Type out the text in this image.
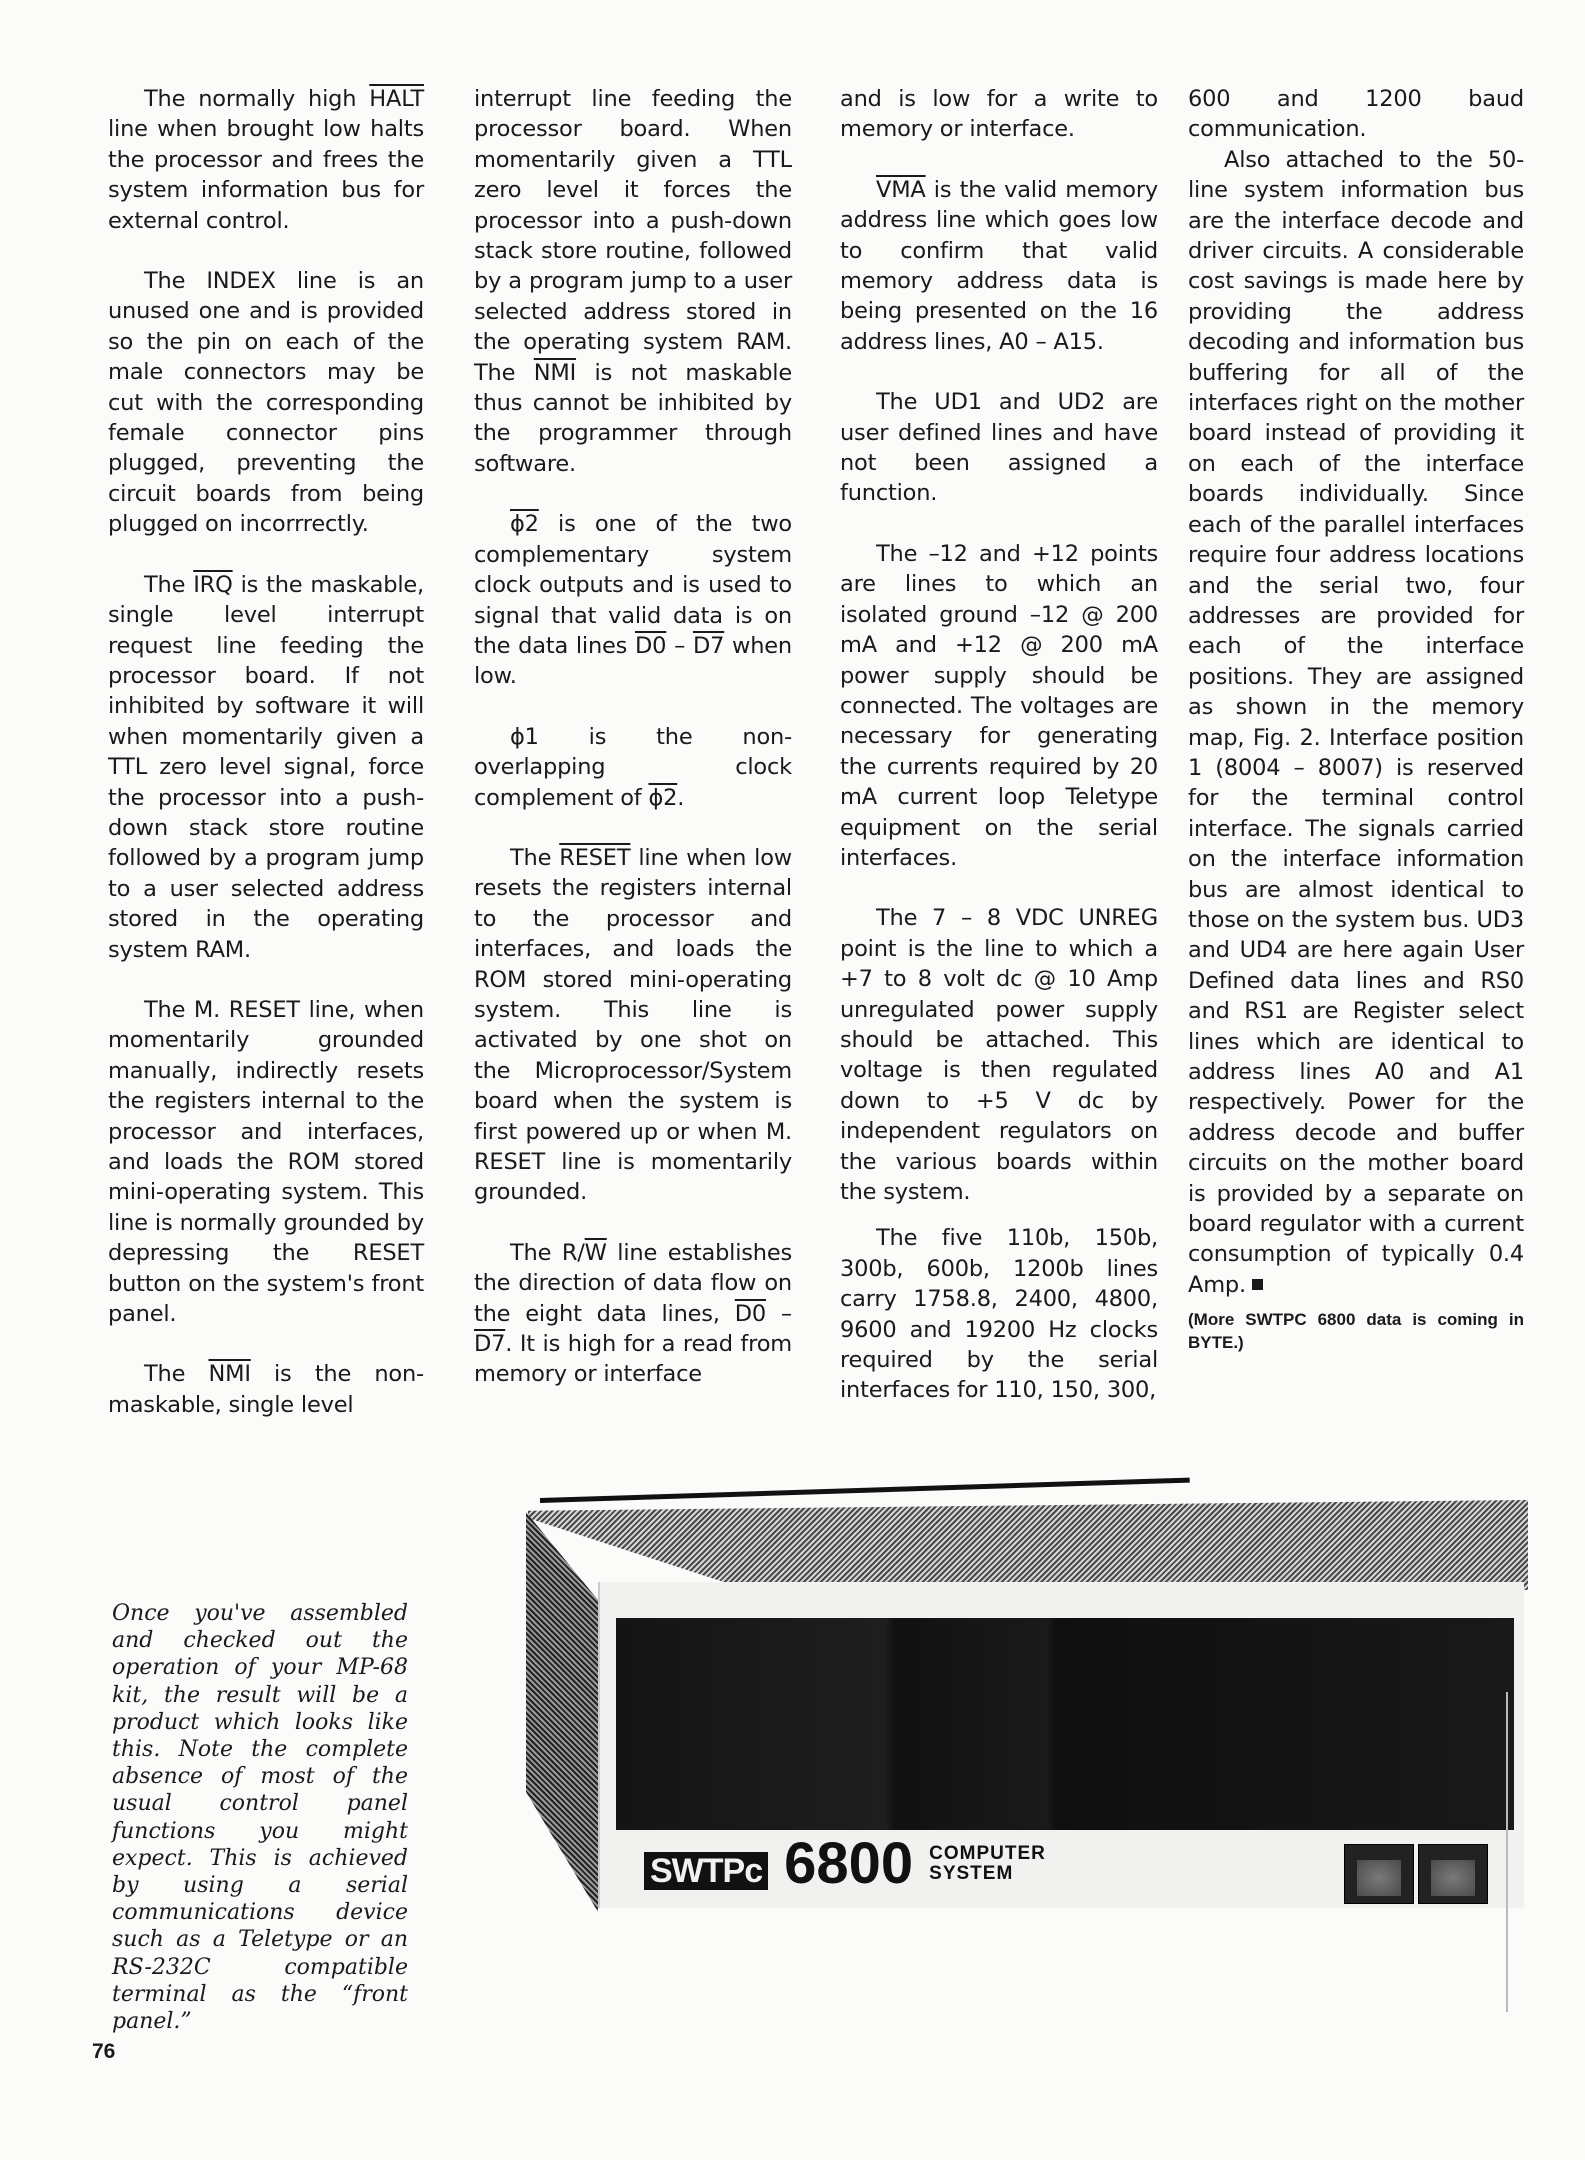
The normally high HALT line when brought low halts the processor and frees the system information bus for external control.

The INDEX line is an unused one and is provided so the pin on each of the male connectors may be cut with the corresponding female connector pins plugged, preventing the circuit boards from being plugged on incorrrectly.

The $\overline{IRQ}$ is the maskable, single level interrupt request line feeding the processor board. If not inhibited by software it will when momentarily given a TTL zero level signal, force the processor into a push-down stack store routine followed by a program jump to a user selected address stored in the operating system RAM.

The M. RESET line, when momentarily grounded manually, indirectly resets the registers internal to the processor and interfaces, and loads the ROM stored mini-operating system. This line is normally grounded by depressing the RESET button on the system's front panel.

The $\overline{NMI}$ is the non-maskable, single level

interrupt line feeding the processor board. When momentarily given a TTL zero level it forces the processor into a push-down stack store routine, followed by a program jump to a user selected address stored in the operating system RAM. The $\overline{NMI}$ is not maskable thus cannot be inhibited by the programmer through software.

ϕ2 is one of the two complementary system clock outputs and is used to signal that valid data is on the data lines D0 – D7 when low.

ϕ1 is the non-overlapping clock complement of ϕ2.

The RESET line when low resets the registers internal to the processor and interfaces, and loads the ROM stored mini-operating system. This line is activated by one shot on the Microprocessor/System board when the system is first powered up or when M. RESET line is momentarily grounded.

The $R/\overline{W}$ line establishes the direction of data flow on the eight data lines, D0 – D7. It is high for a read from memory or interface

and is low for a write to memory or interface.

$\overline{VMA}$ is the valid memory address line which goes low to confirm that valid memory address data is being presented on the 16 address lines, A0 – A15.

The UD1 and UD2 are user defined lines and have not been assigned a function.

The –12 and +12 points are lines to which an isolated ground –12 @ 200 mA and +12 @ 200 mA power supply should be connected. The voltages are necessary for generating the currents required by 20 mA current loop Teletype equipment on the serial interfaces.

The 7 – 8 VDC UNREG point is the line to which a +7 to 8 volt dc @ 10 Amp unregulated power supply should be attached. This voltage is then regulated down to +5 V dc by independent regulators on the various boards within the system.

The five 110b, 150b, 300b, 600b, 1200b lines carry 1758.8, 2400, 4800, 9600 and 19200 Hz clocks required by the serial interfaces for 110, 150, 300,

600 and 1200 baud communication.

Also attached to the 50-line system information bus are the interface decode and driver circuits. A considerable cost savings is made here by providing the address decoding and information bus buffering for all of the interfaces right on the mother board instead of providing it on each of the interface boards individually. Since each of the parallel interfaces require four address locations and the serial two, four addresses are provided for each of the interface positions. They are assigned as shown in the memory map, Fig. 2. Interface position 1 (8004 – 8007) is reserved for the terminal control interface. The signals carried on the interface information bus are almost identical to those on the system bus. UD3 and UD4 are here again User Defined data lines and RS0 and RS1 are Register select lines which are identical to address lines A0 and A1 respectively. Power for the address decode and buffer circuits on the mother board is provided by a separate on board regulator with a current consumption of typically 0.4 Amp.

(More SWTPC 6800 data is coming in BYTE.)

Once you've assembled and checked out the operation of your MP-68 kit, the result will be a product which looks like this. Note the complete absence of most of the usual control panel functions you might expect. This is achieved by using a serial communications device such as a Teletype or an RS-232C compatible terminal as the “front panel.”
SWTPc 6800 COMPUTER
SYSTEM
76
